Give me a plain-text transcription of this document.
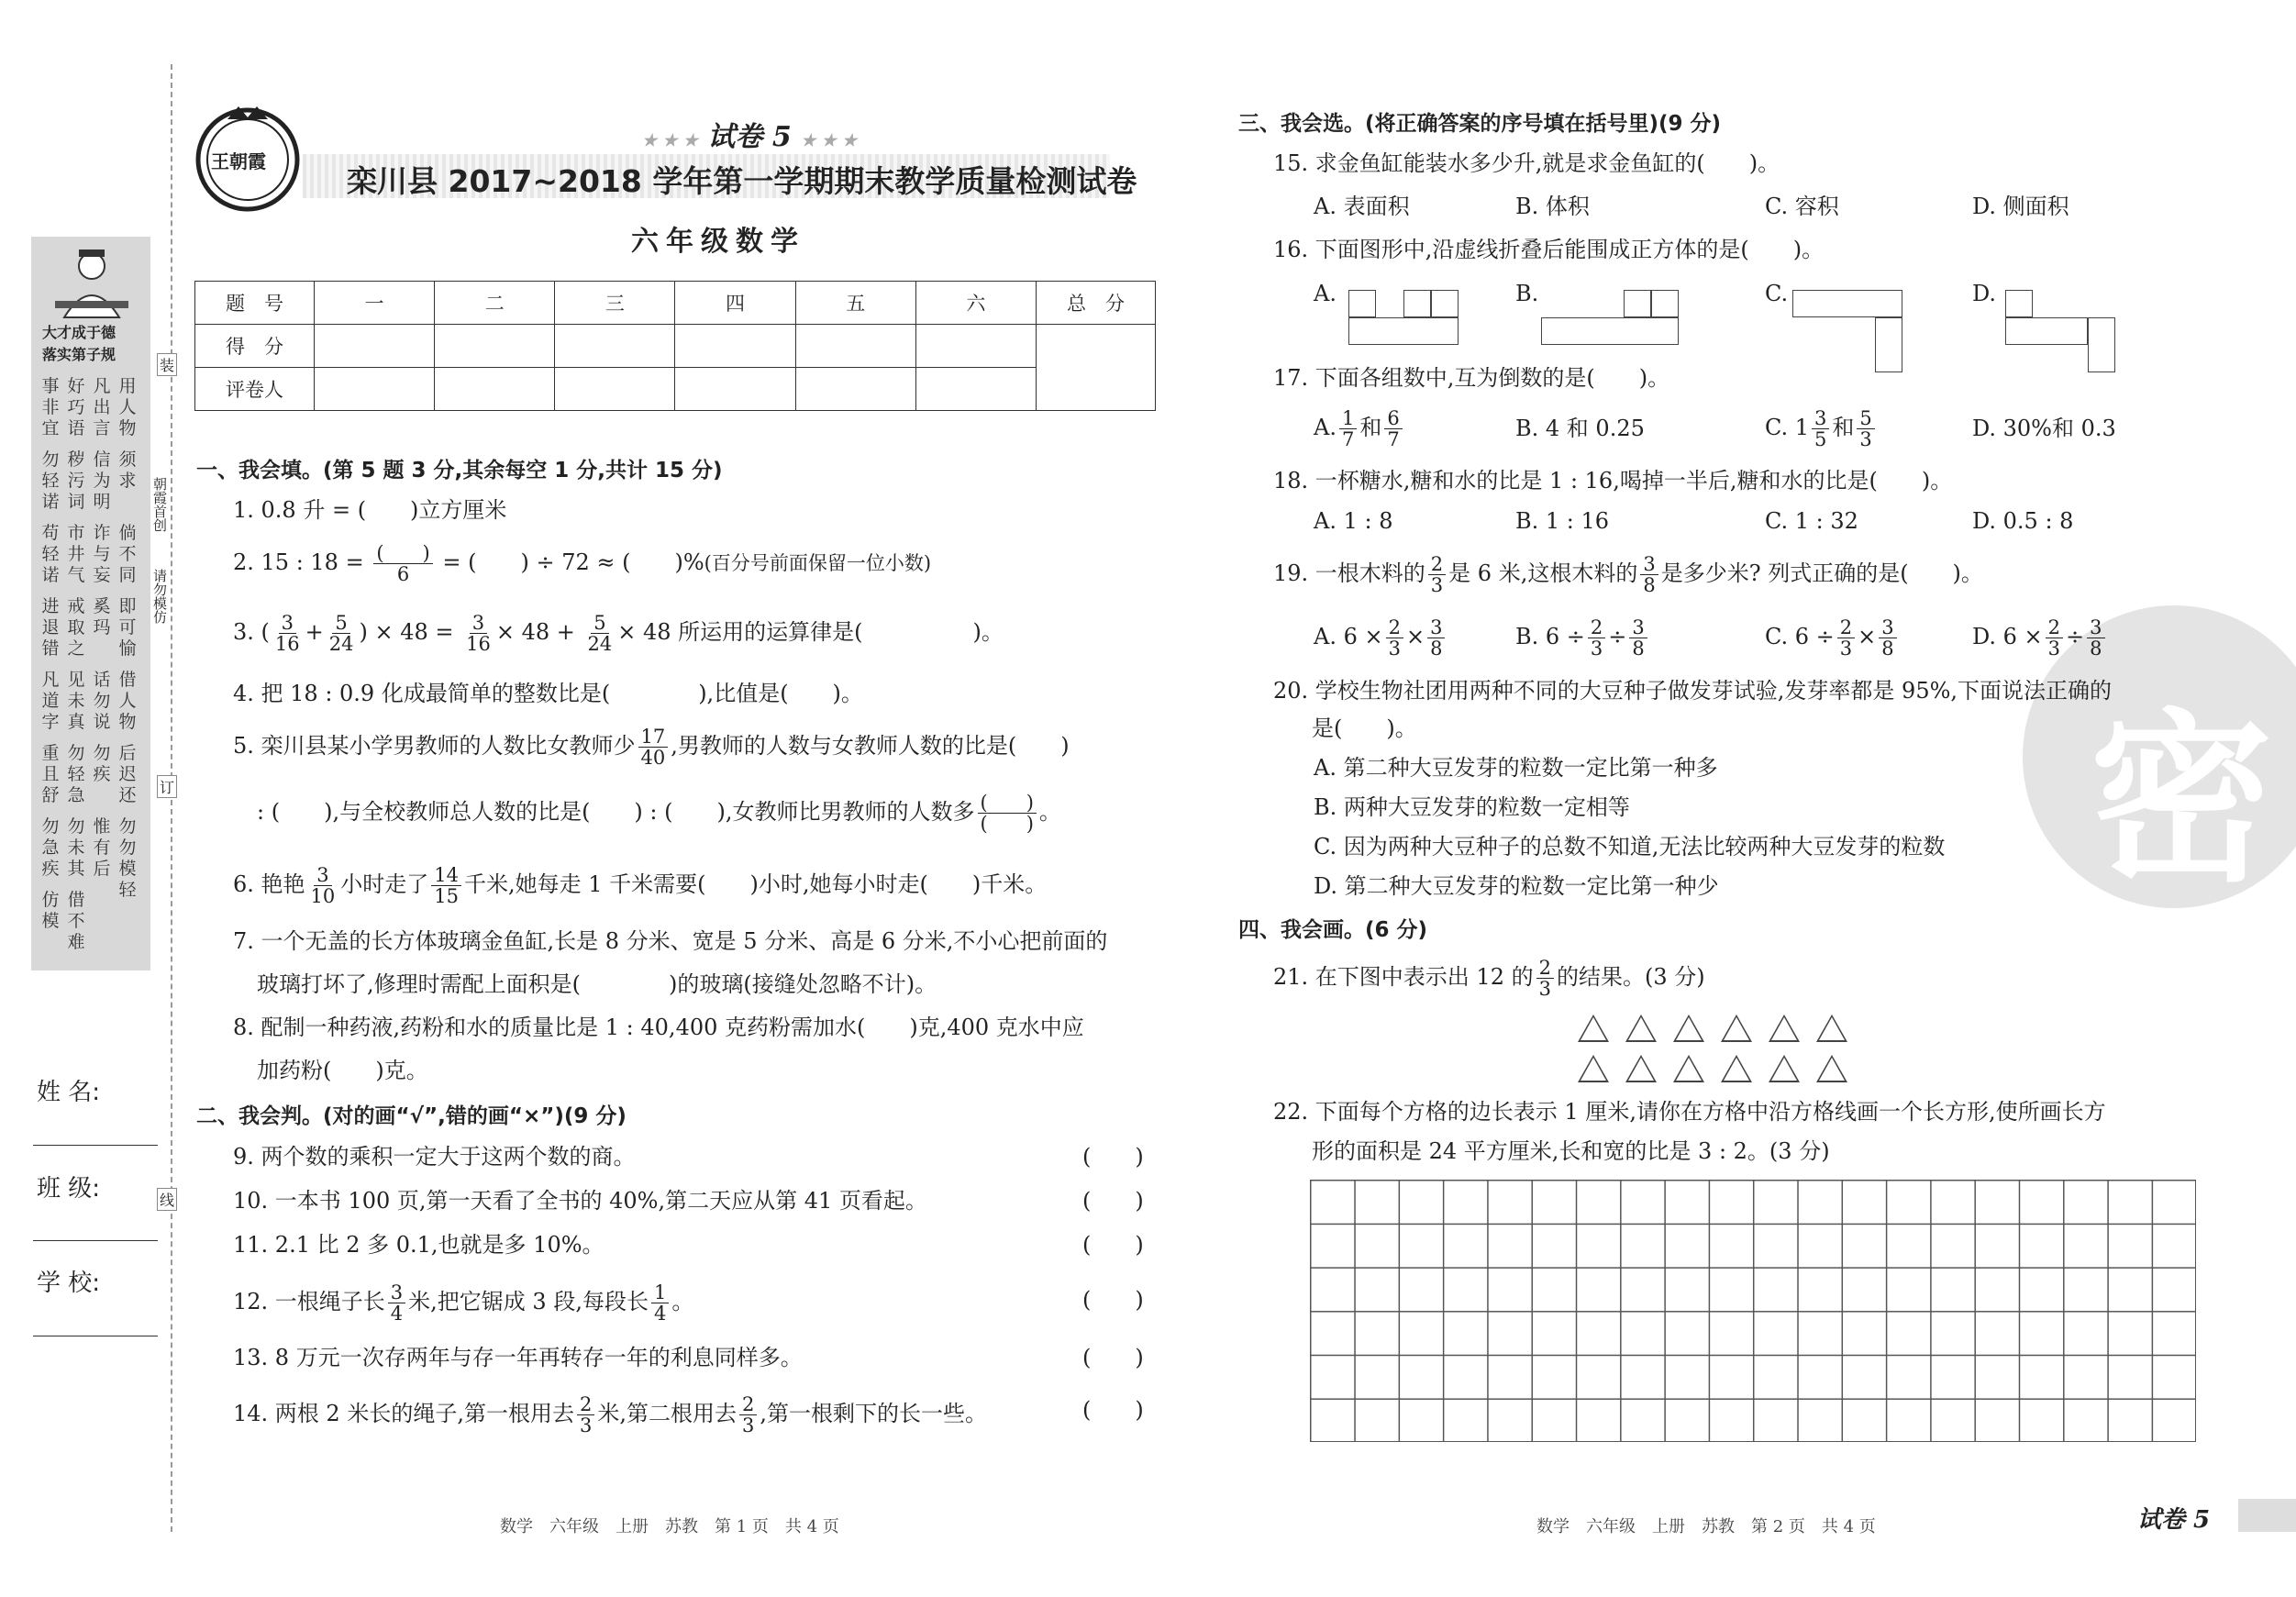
大才成于德
落实第子规
事非宜
好巧语
凡出言
用人物
勿轻诺
秽污词
信为明
须求
苟轻诺
市井气
诈与妄
倘不同
进退错
戒取之
奚玛
即可愉
凡道字
见未真
话勿说
借人物
重且舒
勿轻急
勿疾
后迟还
勿急疾
勿未其
惟有后
勿勿模轻
仿模
借不难
装
订
线
朝霞首创
请勿模仿
姓 名:
班 级:
学 校:
王朝霞
★ ★ ★ 试卷 5 ★ ★ ★
栾川县 2017~2018 学年第一学期期末教学质量检测试卷
六年级数学
题　号	一	二	三	四	五	六	总　分
得　分							
评卷人							
一、我会填。(第 5 题 3 分,其余每空 1 分,共计 15 分)
1. 0.8 升 = (　　)立方厘米
2. 15 : $18 = \frac{( )}{6}$ = (　　) ÷ 72 ≈ (　　)%(百分号前面保留一位小数)
3. ( $\frac{3}{16} + \frac{5}{24}$ ) × $48 = \frac{3}{16} \times 48 + \frac{5}{24} \times 48$ 所运用的运算律是(　　　　　)。
4. 把 18 : 0.9 化成最简单的整数比是(　　　　),比值是(　　)。
5. 栾川县某小学男教师的人数比女教师少 $\frac{17}{40}$ ,男教师的人数与女教师人数的比是(　　)
: (　　),与全校教师总人数的比是(　　) : (　　),女教师比男教师的人数多 $\frac{( )}{( )}$ 。
6. 艳艳 $\frac{3}{10}$ 小时走了 $\frac{14}{15}$ 千米,她每走 1 千米需要(　　)小时,她每小时走(　　)千米。
7. 一个无盖的长方体玻璃金鱼缸,长是 8 分米、宽是 5 分米、高是 6 分米,不小心把前面的
玻璃打坏了,修理时需配上面积是(　　　　)的玻璃(接缝处忽略不计)。
8. 配制一种药液,药粉和水的质量比是 1 : 40,400 克药粉需加水(　　)克,400 克水中应
加药粉(　　)克。
二、我会判。(对的画“√”,错的画“×”)(9 分)
9. 两个数的乘积一定大于这两个数的商。
10. 一本书 100 页,第一天看了全书的 40%,第二天应从第 41 页看起。
11. 2.1 比 2 多 0.1,也就是多 10%。
12. 一根绳子长 $\frac{3}{4}$ 米,把它锯成 3 段,每段长 $\frac{1}{4}$ 。
13. 8 万元一次存两年与存一年再转存一年的利息同样多。
14. 两根 2 米长的绳子,第一根用去 $\frac{2}{3}$ 米,第二根用去 $\frac{2}{3}$ ,第一根剩下的长一些。
(　　)
(　　)
(　　)
(　　)
(　　)
(　　)
数学　六年级　上册　苏教　第 1 页　共 4 页
密
三、我会选。(将正确答案的序号填在括号里)(9 分)
15. 求金鱼缸能装水多少升,就是求金鱼缸的(　　)。
A. 表面积	B. 体积	C. 容积	D. 侧面积
16. 下面图形中,沿虚线折叠后能围成正方体的是(　　)。
A.	B.	C.	D.
17. 下面各组数中,互为倒数的是(　　)。
A. $\frac{1}{7}$ 和 $\frac{6}{7}$	B. 4 和 0.25	C. $1 \frac{3}{5}$ 和 $\frac{5}{3}$	D. 30%和 0.3
18. 一杯糖水,糖和水的比是 1 : 16,喝掉一半后,糖和水的比是(　　)。
A. 1 : 8	B. 1 : 16	C. 1 : 32	D. 0.5 : 8
19. 一根木料的 $\frac{2}{3}$ 是 6 米,这根木料的 $\frac{3}{8}$ 是多少米? 列式正确的是(　　)。
A. $6 \times \frac{2}{3} \times \frac{3}{8}$	B. $6 \div \frac{2}{3} \div \frac{3}{8}$	C. $6 \div \frac{2}{3} \times \frac{3}{8}$	D. $6 \times \frac{2}{3} \div \frac{3}{8}$
20. 学校生物社团用两种不同的大豆种子做发芽试验,发芽率都是 95%,下面说法正确的
是(　　)。
A. 第二种大豆发芽的粒数一定比第一种多
B. 两种大豆发芽的粒数一定相等
C. 因为两种大豆种子的总数不知道,无法比较两种大豆发芽的粒数
D. 第二种大豆发芽的粒数一定比第一种少
四、我会画。(6 分)
21. 在下图中表示出 12 的 $\frac{2}{3}$ 的结果。(3 分)
22. 下面每个方格的边长表示 1 厘米,请你在方格中沿方格线画一个长方形,使所画长方
形的面积是 24 平方厘米,长和宽的比是 3 : 2。(3 分)
数学　六年级　上册　苏教　第 2 页　共 4 页	试卷 5
